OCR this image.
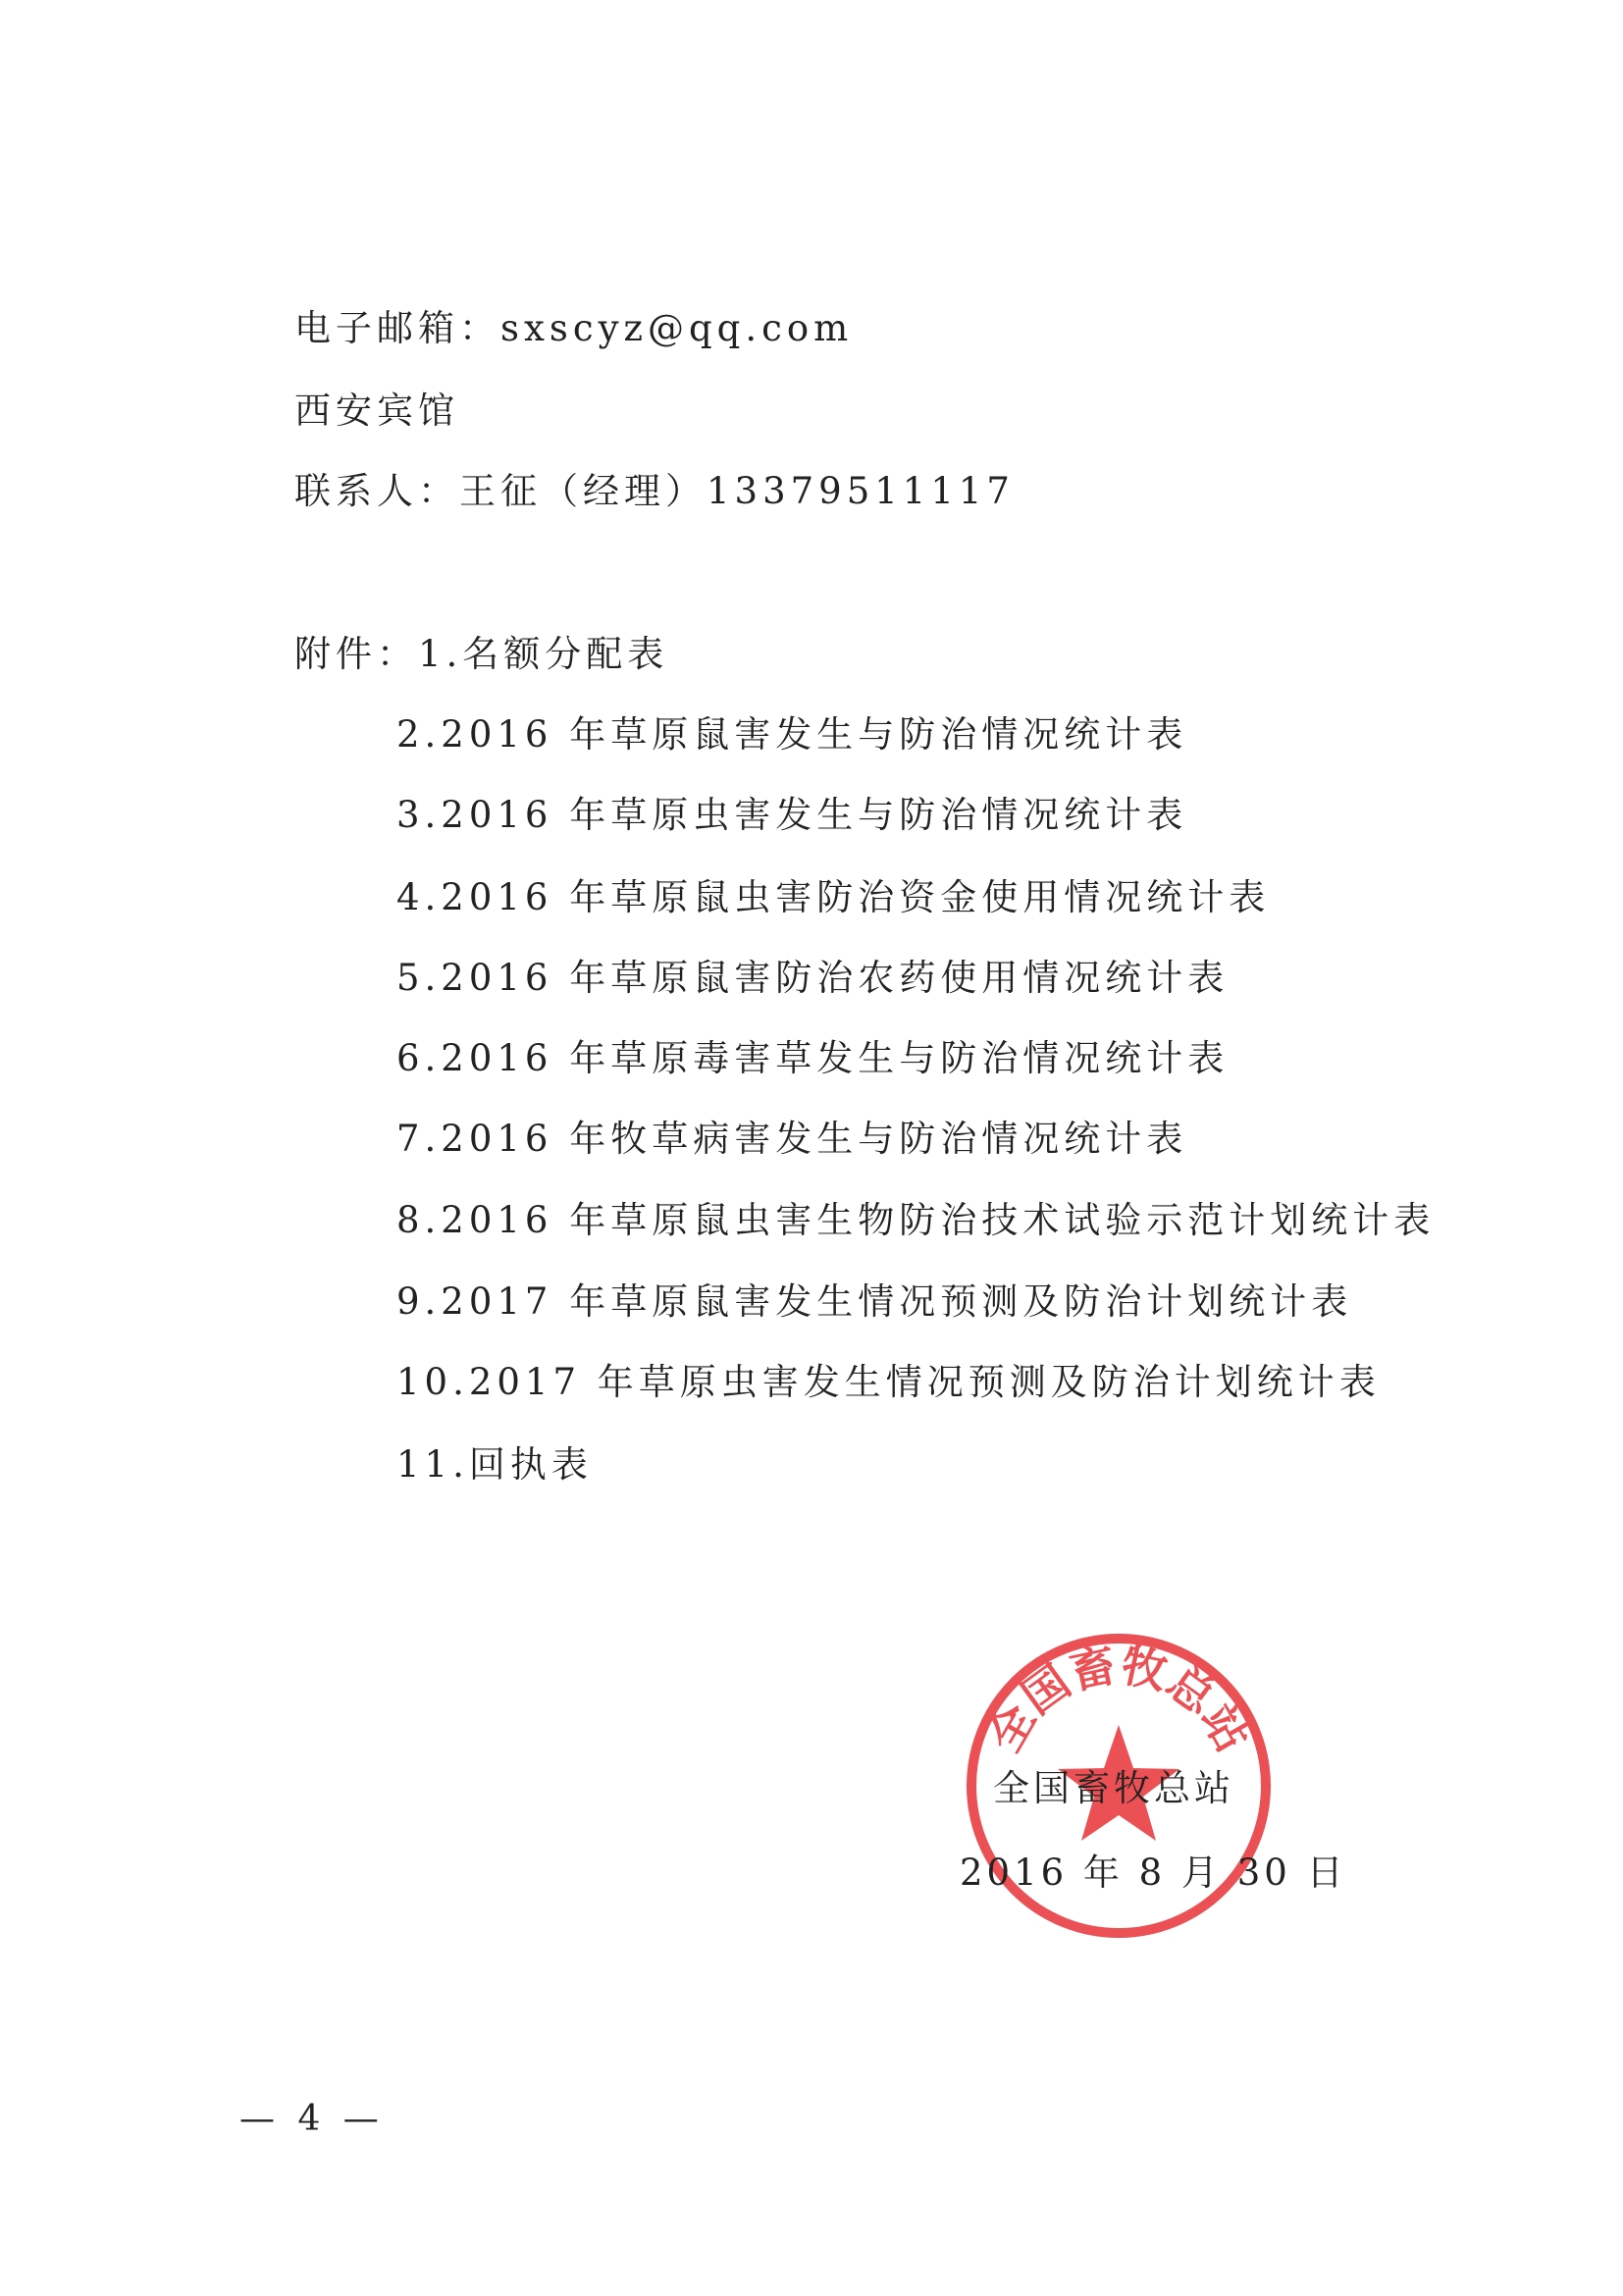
电子邮箱：sxscyz@qq.com
西安宾馆
联系人：王征（经理）13379511117
附件：1.名额分配表
2.2016 年草原鼠害发生与防治情况统计表
3.2016 年草原虫害发生与防治情况统计表
4.2016 年草原鼠虫害防治资金使用情况统计表
5.2016 年草原鼠害防治农药使用情况统计表
6.2016 年草原毒害草发生与防治情况统计表
7.2016 年牧草病害发生与防治情况统计表
8.2016 年草原鼠虫害生物防治技术试验示范计划统计表
9.2017 年草原鼠害发生情况预测及防治计划统计表
10.2017 年草原虫害发生情况预测及防治计划统计表
11.回执表
全国畜牧总站
全国畜牧总站
2016 年 8 月 30 日
— 4 —
